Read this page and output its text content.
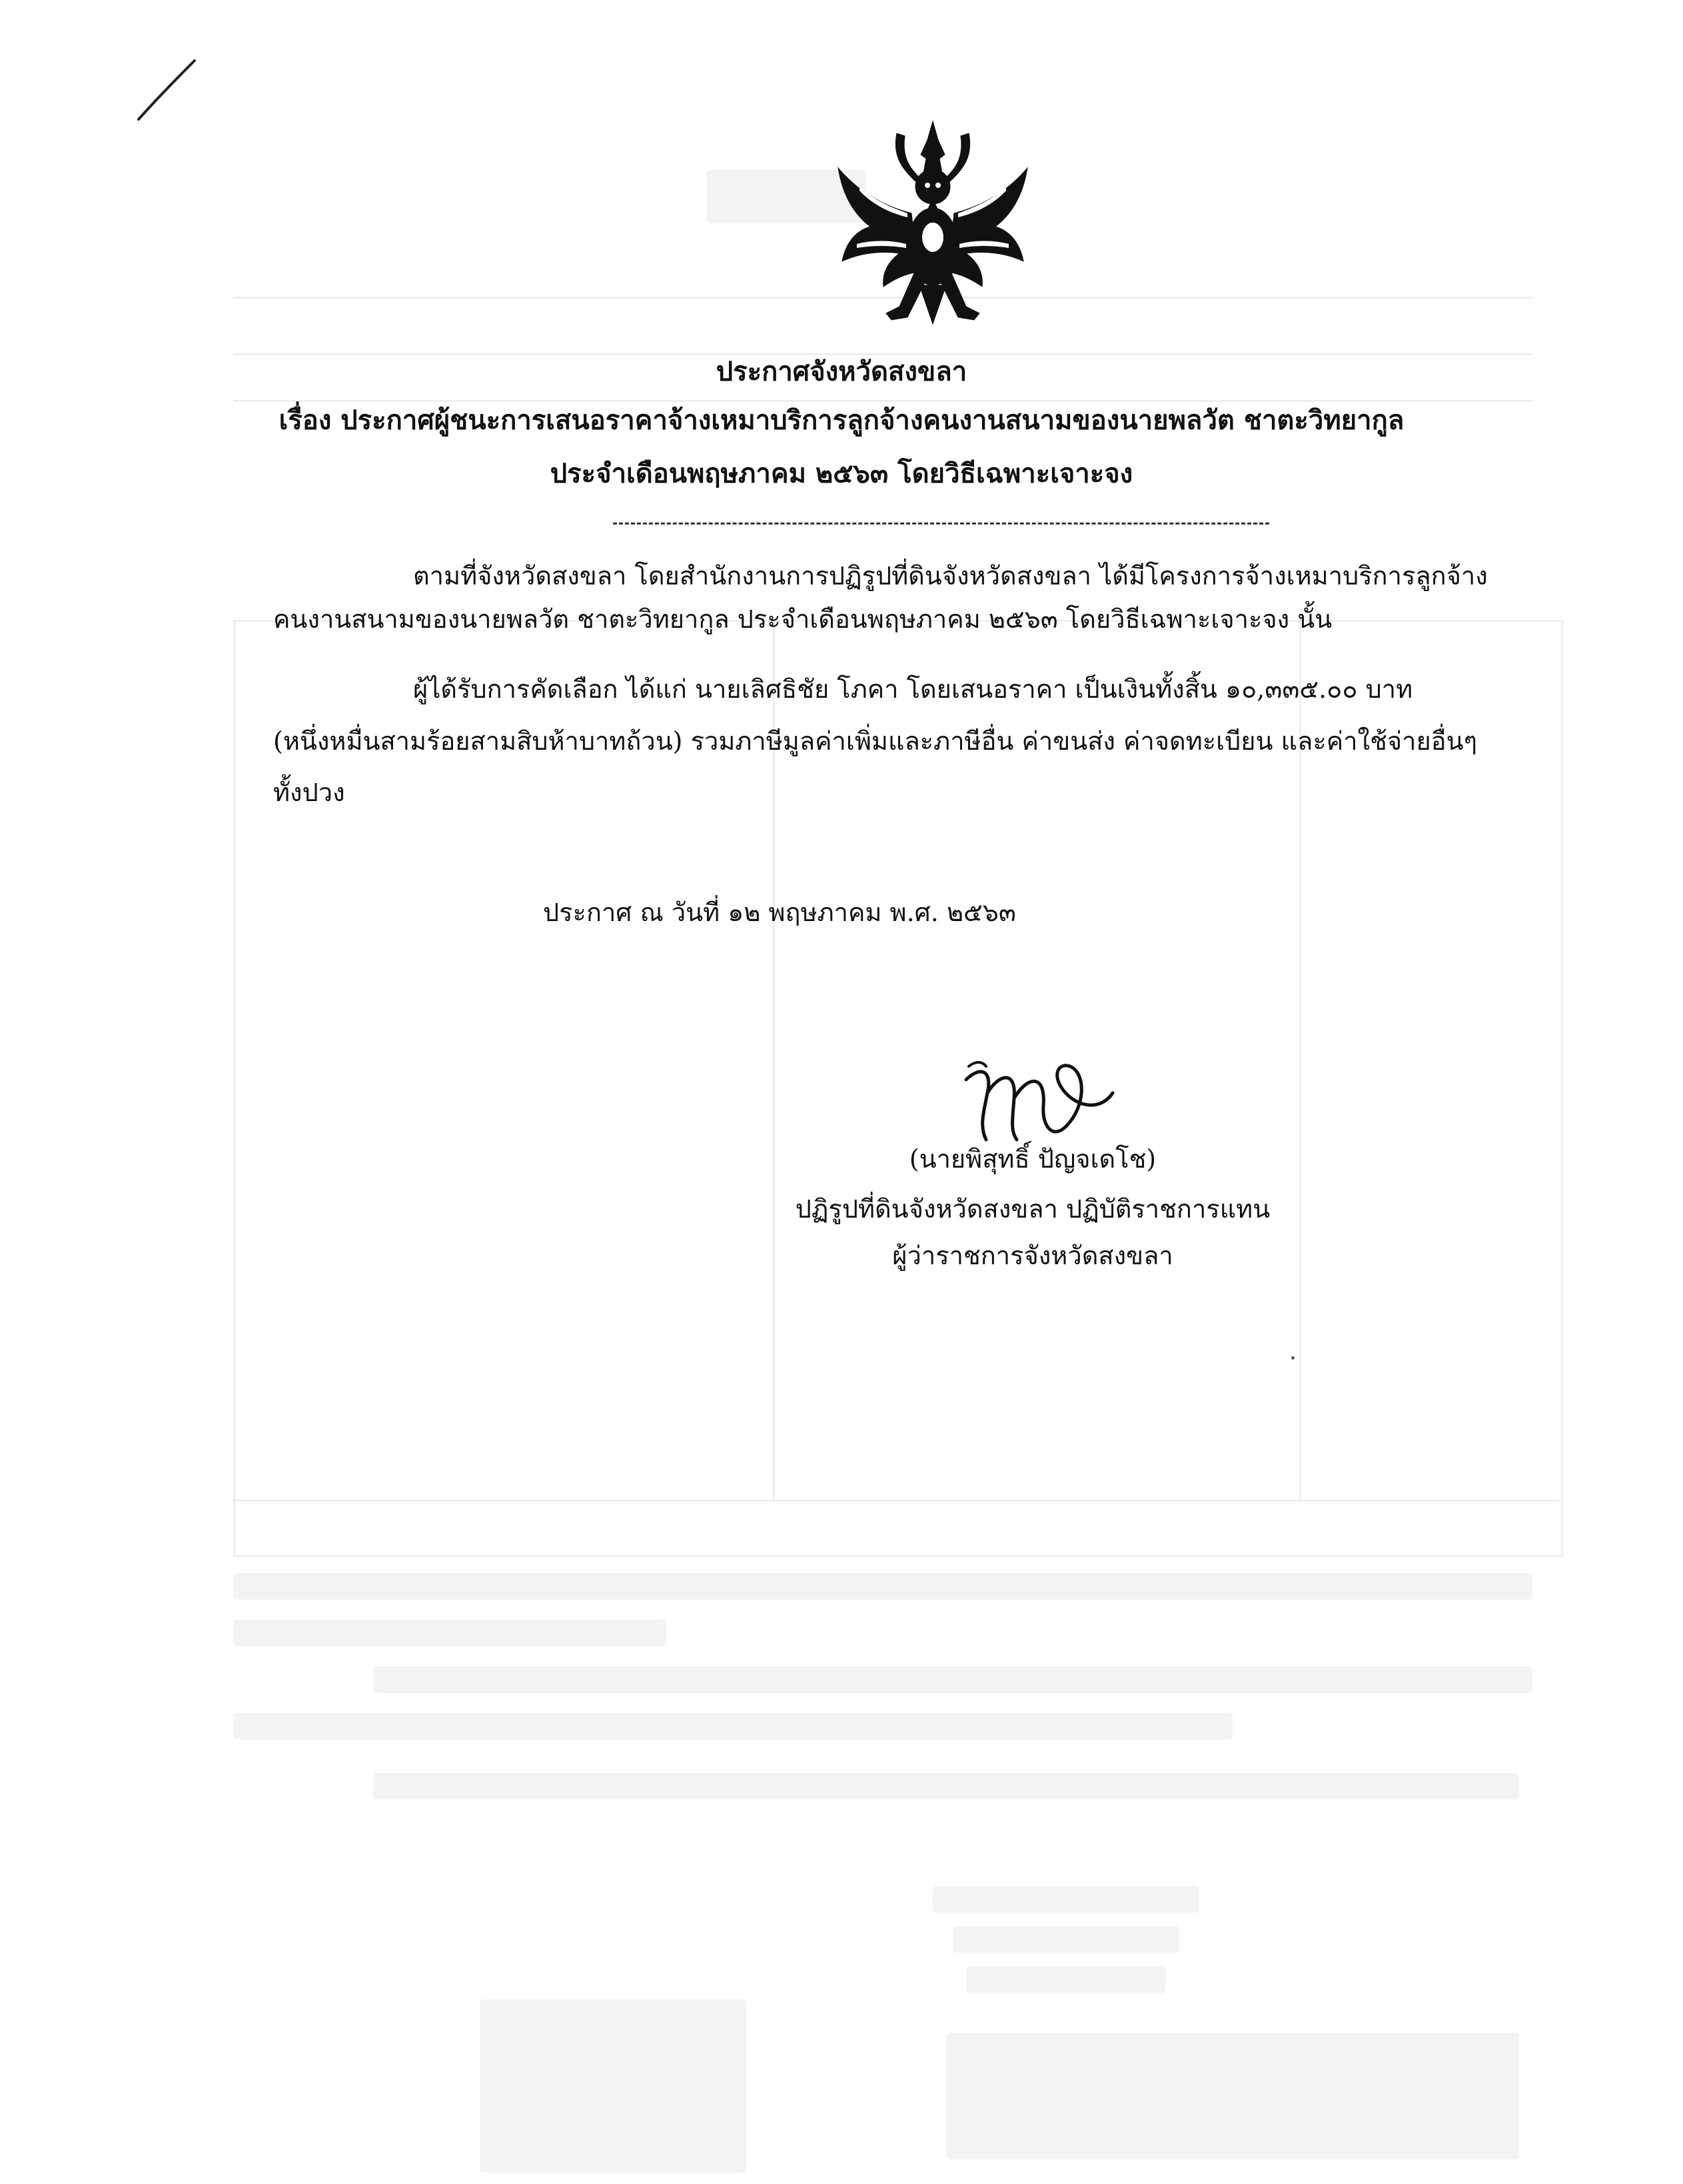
ประกาศจังหวัดสงขลา
เรื่อง ประกาศผู้ชนะการเสนอราคาจ้างเหมาบริการลูกจ้างคนงานสนามของนายพลวัต ชาตะวิทยากูล
ประจำเดือนพฤษภาคม ๒๕๖๓ โดยวิธีเฉพาะเจาะจง
ตามที่จังหวัดสงขลา โดยสำนักงานการปฏิรูปที่ดินจังหวัดสงขลา ได้มีโครงการจ้างเหมาบริการลูกจ้าง
คนงานสนามของนายพลวัต ชาตะวิทยากูล ประจำเดือนพฤษภาคม ๒๕๖๓ โดยวิธีเฉพาะเจาะจง นั้น
ผู้ได้รับการคัดเลือก ได้แก่ นายเลิศธิชัย โภคา โดยเสนอราคา เป็นเงินทั้งสิ้น ๑๐,๓๓๕.๐๐ บาท
(หนึ่งหมื่นสามร้อยสามสิบห้าบาทถ้วน) รวมภาษีมูลค่าเพิ่มและภาษีอื่น ค่าขนส่ง ค่าจดทะเบียน และค่าใช้จ่ายอื่นๆ
ทั้งปวง
ประกาศ ณ วันที่ ๑๒ พฤษภาคม พ.ศ. ๒๕๖๓
(นายพิสุทธิ์ ปัญจเดโช)
ปฏิรูปที่ดินจังหวัดสงขลา ปฏิบัติราชการแทน
ผู้ว่าราชการจังหวัดสงขลา
